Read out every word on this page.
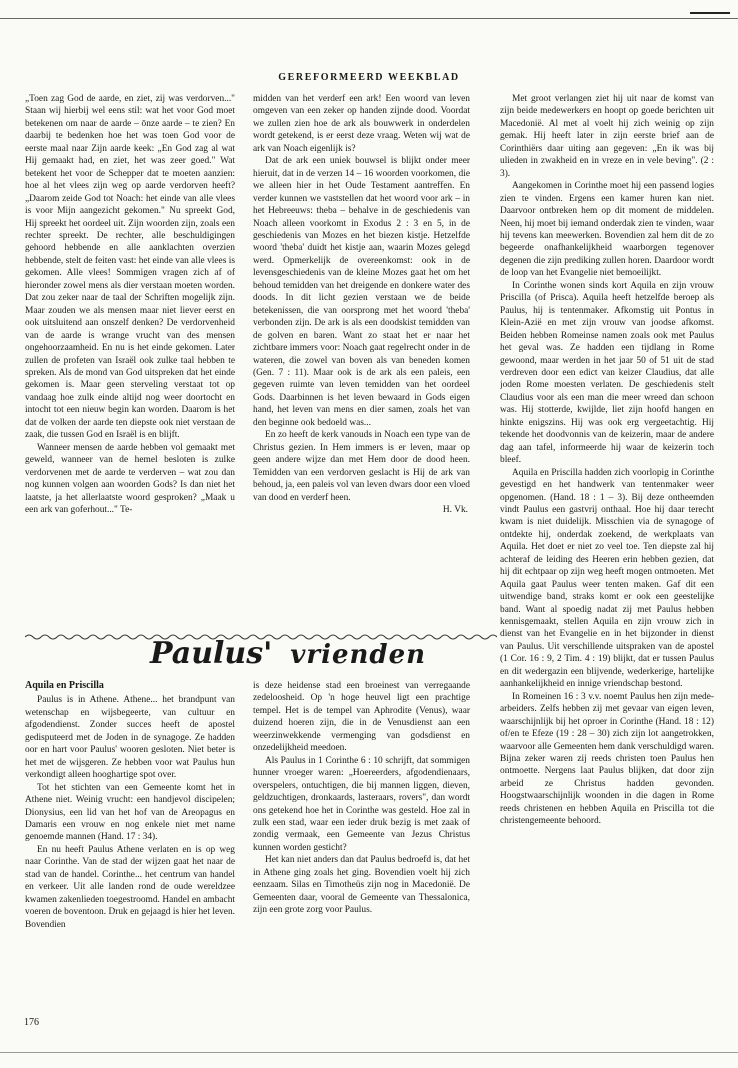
GEREFORMEERD WEEKBLAD

„Toen zag God de aarde, en ziet, zij was verdorven..." Staan wij hierbij wel eens stil: wat het voor God moet betekenen om naar de aarde – ōnze aarde – te zien? En daarbij te bedenken hoe het was toen God voor de eerste maal naar Zijn aarde keek: „En God zag al wat Hij gemaakt had, en ziet, het was zeer goed." Wat betekent het voor de Schepper dat te moeten aanzien: hoe al het vlees zijn weg op aarde verdorven heeft? „Daarom zeide God tot Noach: het einde van alle vlees is voor Mijn aangezicht gekomen." Nu spreekt God, Hij spreekt het oordeel uit. Zijn woorden zijn, zoals een rechter spreekt. De rechter, alle beschuldigingen gehoord hebbende en alle aanklachten overzien hebbende, stelt de feiten vast: het einde van alle vlees is gekomen. Alle vlees! Sommigen vragen zich af of hieronder zowel mens als dier verstaan moeten worden. Dat zou zeker naar de taal der Schriften mogelijk zijn. Maar zouden we als mensen maar niet liever eerst en ook uitsluitend aan onszelf denken? De verdorvenheid van de aarde is wrange vrucht van des mensen ongehoorzaamheid. En nu is het einde gekomen. Later zullen de profeten van Israël ook zulke taal hebben te spreken. Als de mond van God uitspreken dat het einde gekomen is. Maar geen sterveling verstaat tot op vandaag hoe zulk einde altijd nog weer doortocht en intocht tot een nieuw begin kan worden. Daarom is het dat de volken der aarde ten diepste ook niet verstaan de zaak, die tussen God en Israël is en blijft.

Wanneer mensen de aarde hebben vol gemaakt met geweld, wanneer van de hemel besloten is zulke verdorvenen met de aarde te verderven – wat zou dan nog kunnen volgen aan woorden Gods? Is dan niet het laatste, ja het allerlaatste woord gesproken? „Maak u een ark van goferhout..." Te-

midden van het verderf een ark! Een woord van leven omgeven van een zeker op handen zijnde dood. Voordat we zullen zien hoe de ark als bouwwerk in onderdelen wordt getekend, is er eerst deze vraag. Weten wij wat de ark van Noach eigenlijk is?

Dat de ark een uniek bouwsel is blijkt onder meer hieruit, dat in de verzen 14 – 16 woorden voorkomen, die we alleen hier in het Oude Testament aantreffen. En verder kunnen we vaststellen dat het woord voor ark – in het Hebreeuws: theba – behalve in de geschiedenis van Noach alleen voorkomt in Exodus 2 : 3 en 5, in de geschiedenis van Mozes en het biezen kistje. Hetzelfde woord 'theba' duidt het kistje aan, waarin Mozes gelegd werd. Opmerkelijk de overeenkomst: ook in de levensgeschiedenis van de kleine Mozes gaat het om het behoud temidden van het dreigende en donkere water des doods. In dit licht gezien verstaan we de beide betekenissen, die van oorsprong met het woord 'theba' verbonden zijn. De ark is als een doodskist temidden van de golven en baren. Want zo staat het er naar het zichtbare immers voor: Noach gaat regelrecht onder in de wateren, die zowel van boven als van beneden komen (Gen. 7 : 11). Maar ook is de ark als een paleis, een gegeven ruimte van leven temidden van het oordeel Gods. Daarbinnen is het leven bewaard in Gods eigen hand, het leven van mens en dier samen, zoals het van den beginne ook bedoeld was...

En zo heeft de kerk vanouds in Noach een type van de Christus gezien. In Hem immers is er leven, maar op geen andere wijze dan met Hem door de dood heen. Temidden van een verdorven geslacht is Hij de ark van behoud, ja, een paleis vol van leven dwars door een vloed van dood en verderf heen.

H. Vk.

Met groot verlangen ziet hij uit naar de komst van zijn beide medewerkers en hoopt op goede berichten uit Macedonië. Al met al voelt hij zich weinig op zijn gemak. Hij heeft later in zijn eerste brief aan de Corinthiërs daar uiting aan gegeven: „En ik was bij ulieden in zwakheid en in vreze en in vele beving". (2 : 3).

Aangekomen in Corinthe moet hij een passend logies zien te vinden. Ergens een kamer huren kan niet. Daarvoor ontbreken hem op dit moment de middelen. Neen, hij moet bij iemand onderdak zien te vinden, waar hij tevens kan meewerken. Bovendien zal hem dit de zo begeerde onafhankelijkheid waarborgen tegenover degenen die zijn prediking zullen horen. Daardoor wordt de loop van het Evangelie niet bemoeilijkt.

In Corinthe wonen sinds kort Aquila en zijn vrouw Priscilla (of Prisca). Aquila heeft hetzelfde beroep als Paulus, hij is tentenmaker. Afkomstig uit Pontus in Klein-Azië en met zijn vrouw van joodse afkomst. Beiden hebben Romeinse namen zoals ook met Paulus het geval was. Ze hadden een tijdlang in Rome gewoond, maar werden in het jaar 50 of 51 uit de stad verdreven door een edict van keizer Claudius, dat alle joden Rome moesten verlaten. De geschiedenis stelt Claudius voor als een man die meer wreed dan schoon was. Hij stotterde, kwijlde, liet zijn hoofd hangen en hinkte enigszins. Hij was ook erg vergeetachtig. Hij tekende het doodvonnis van de keizerin, maar de andere dag aan tafel, informeerde hij waar de keizerin toch bleef.

Aquila en Priscilla hadden zich voorlopig in Corinthe gevestigd en het handwerk van tentenmaker weer opgenomen. (Hand. 18 : 1 – 3). Bij deze ontheemden vindt Paulus een gastvrij onthaal. Hoe hij daar terecht kwam is niet duidelijk. Misschien via de synagoge of ontdekte hij, onderdak zoekend, de werkplaats van Aquila. Het doet er niet zo veel toe. Ten diepste zal hij achteraf de leiding des Heeren erin hebben gezien, dat hij dit echtpaar op zijn weg heeft mogen ontmoeten. Met Aquila gaat Paulus weer tenten maken. Gaf dit een uitwendige band, straks komt er ook een geestelijke band. Want al spoedig nadat zij met Paulus hebben kennisgemaakt, stellen Aquila en zijn vrouw zich in dienst van het Evangelie en in het bijzonder in dienst van Paulus. Uit verschillende uitspraken van de apostel (1 Cor. 16 : 9, 2 Tim. 4 : 19) blijkt, dat er tussen Paulus en dit wedergazin een blijvende, wederkerige, hartelijke aanhankelijkheid en innige vriendschap bestond.

In Romeinen 16 : 3 v.v. noemt Paulus hen zijn mede-arbeiders. Zelfs hebben zij met gevaar van eigen leven, waarschijnlijk bij het oproer in Corinthe (Hand. 18 : 12) of/en te Efeze (19 : 28 – 30) zich zijn lot aangetrokken, waarvoor alle Gemeenten hem dank verschuldigd waren. Bijna zeker waren zij reeds christen toen Paulus hen ontmoette. Nergens laat Paulus blijken, dat door zijn arbeid ze Christus hadden gevonden. Hoogstwaarschijnlijk woonden in die dagen in Rome reeds christenen en hebben Aquila en Priscilla tot die christengemeente behoord.

Paulus' vrienden

Aquila en Priscilla

Paulus is in Athene. Athene... het brandpunt van wetenschap en wijsbegeerte, van cultuur en afgodendienst. Zonder succes heeft de apostel gedisputeerd met de Joden in de synagoge. Ze hadden oor en hart voor Paulus' wooren gesloten. Niet beter is het met de wijsgeren. Ze hebben voor wat Paulus hun verkondigt alleen hooghartige spot over.

Tot het stichten van een Gemeente komt het in Athene niet. Weinig vrucht: een handjevol discipelen; Dionysius, een lid van het hof van de Areopagus en Damaris een vrouw en nog enkele niet met name genoemde mannen (Hand. 17 : 34).

En nu heeft Paulus Athene verlaten en is op weg naar Corinthe. Van de stad der wijzen gaat het naar de stad van de handel. Corinthe... het centrum van handel en verkeer. Uit alle landen rond de oude wereldzee kwamen zakenlieden toegestroomd. Handel en ambacht voeren de boventoon. Druk en gejaagd is hier het leven. Bovendien

is deze heidense stad een broeinest van verregaande zedeloosheid. Op 'n hoge heuvel ligt een prachtige tempel. Het is de tempel van Aphrodite (Venus), waar duizend hoeren zijn, die in de Venusdienst aan een weerzinwekkende vermenging van godsdienst en onzedelijkheid meedoen.

Als Paulus in 1 Corinthe 6 : 10 schrijft, dat sommigen hunner vroeger waren: „Hoereerders, afgodendienaars, overspelers, ontuchtigen, die bij mannen liggen, dieven, geldzuchtigen, dronkaards, lasteraars, rovers", dan wordt ons getekend hoe het in Corinthe was gesteld. Hoe zal in zulk een stad, waar een ieder druk bezig is met zaak of zondig vermaak, een Gemeente van Jezus Christus kunnen worden gesticht?

Het kan niet anders dan dat Paulus bedroefd is, dat het in Athene ging zoals het ging. Bovendien voelt hij zich eenzaam. Silas en Timotheüs zijn nog in Macedonië. De Gemeenten daar, vooral de Gemeente van Thessalonica, zijn een grote zorg voor Paulus.

176
